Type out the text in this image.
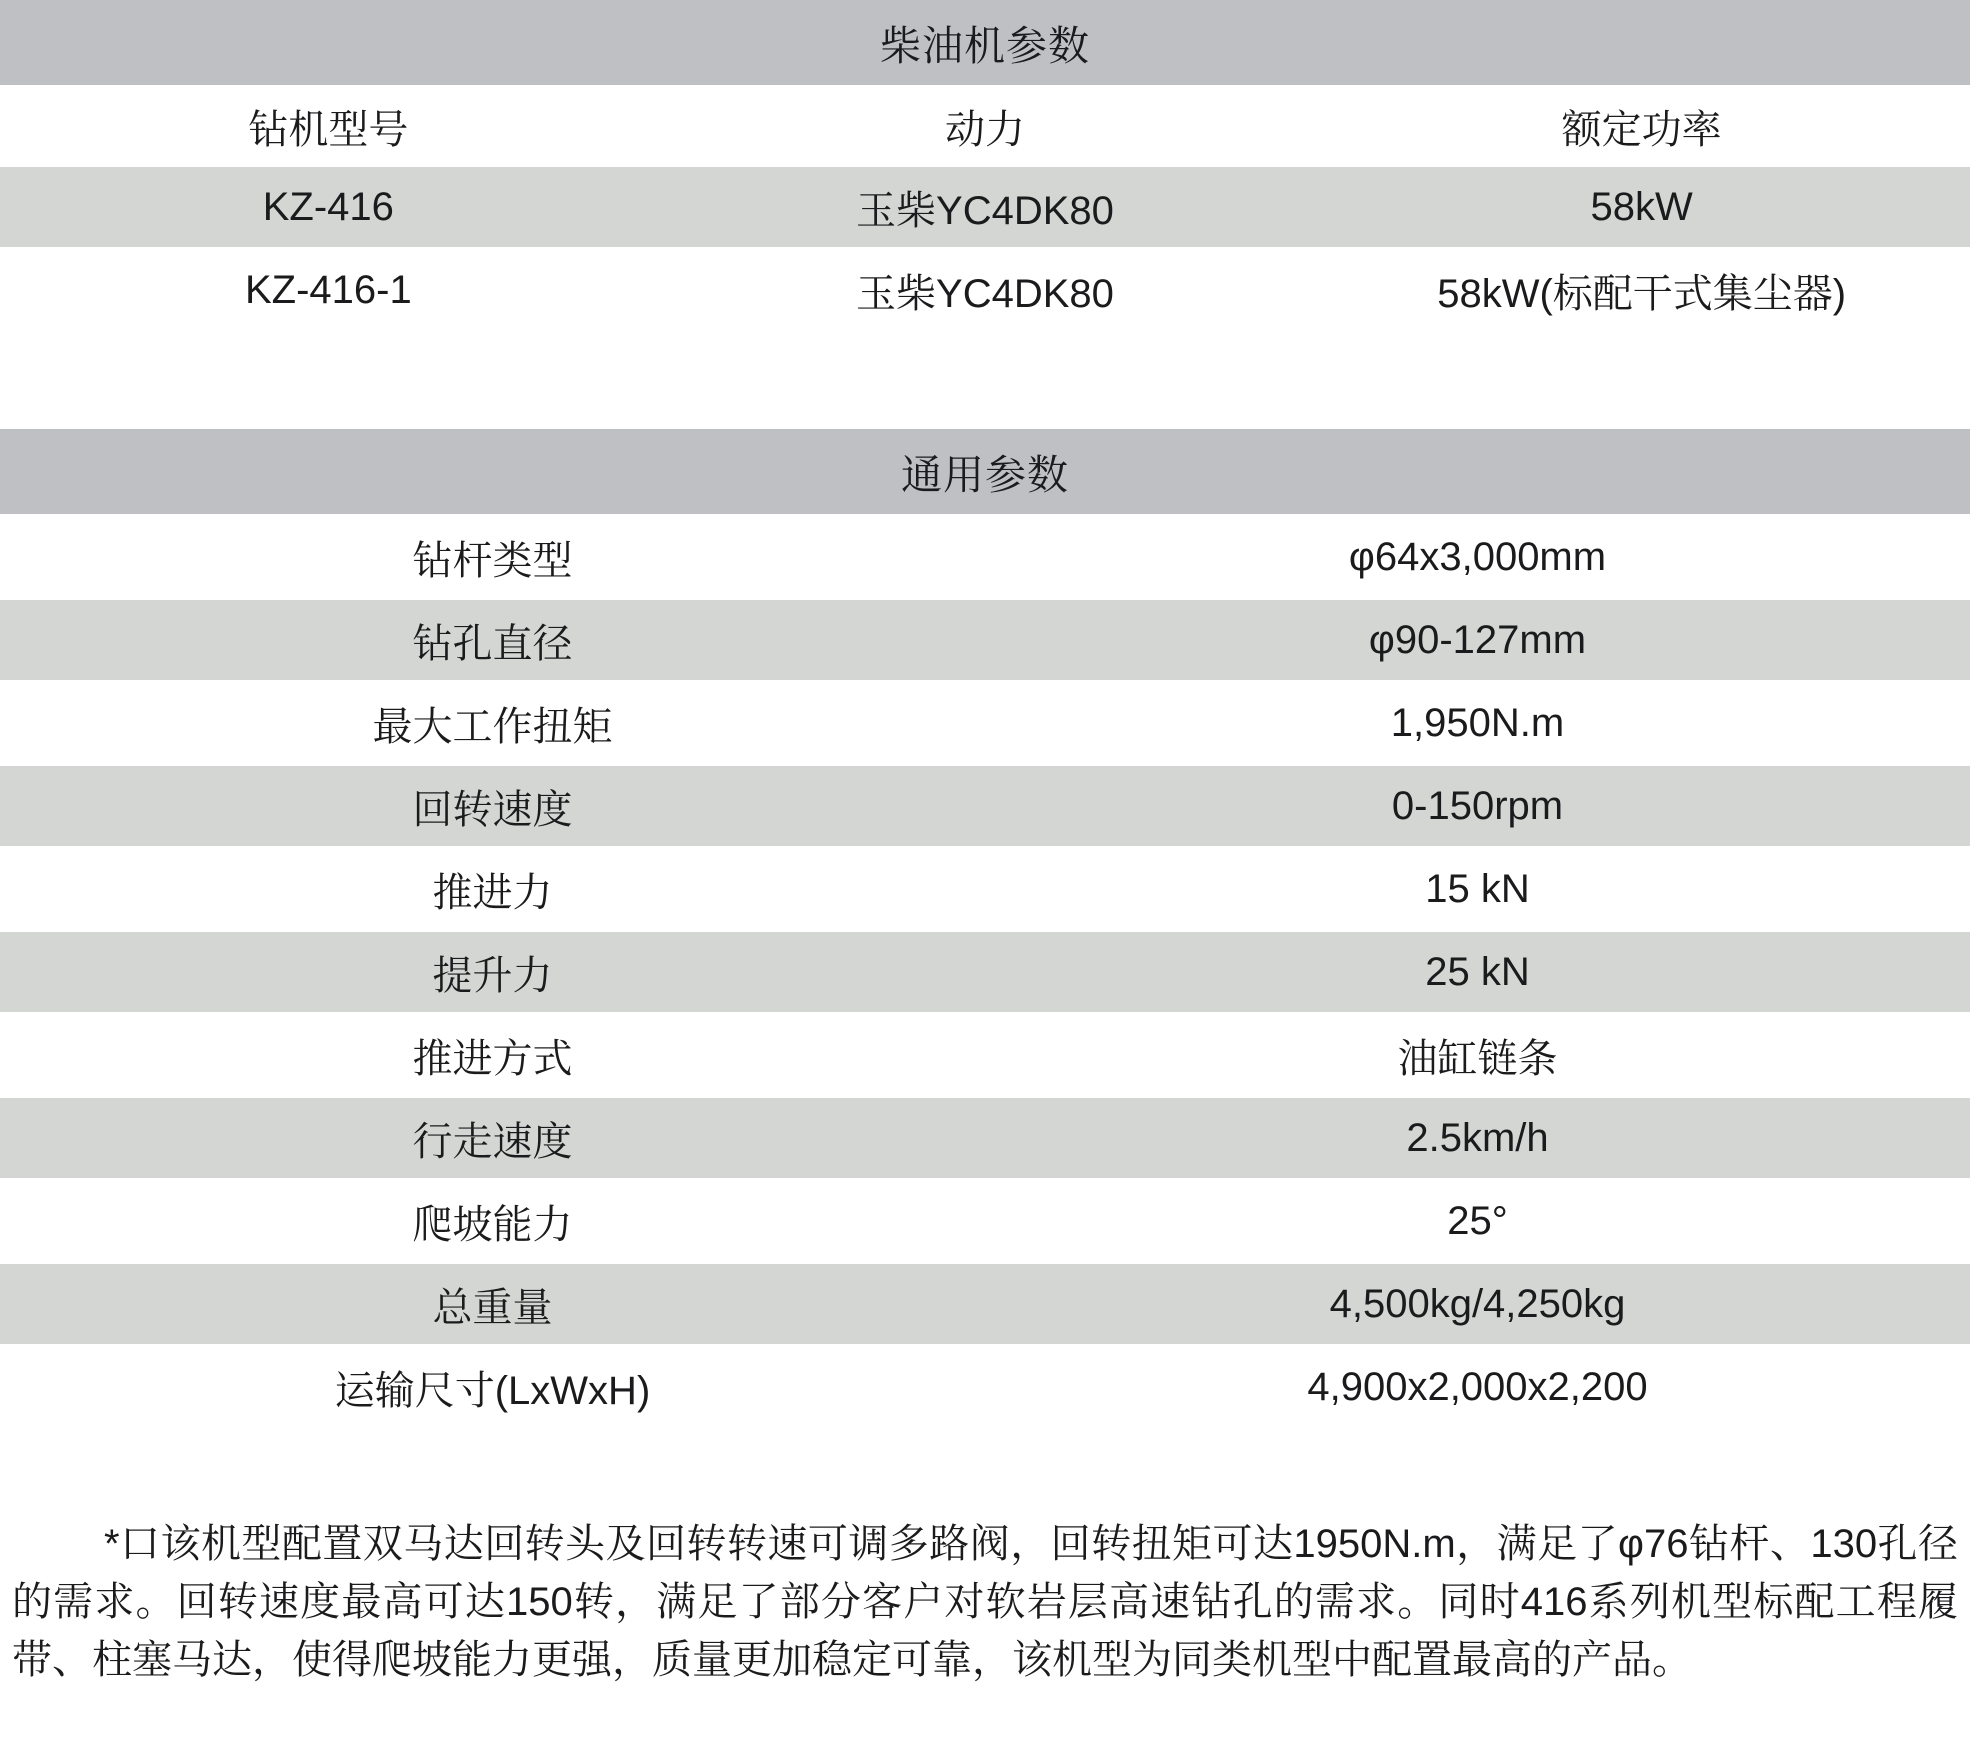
柴油机参数
钻机型号	动力	额定功率
KZ-416	玉柴YC4DK80	58kW
KZ-416-1	玉柴YC4DK80	58kW(标配干式集尘器)
通用参数
钻杆类型	φ64x3,000mm
钻孔直径	φ90-127mm
最大工作扭矩	1,950N.m
回转速度	0-150rpm
推进力	15 kN
提升力	25 kN
推进方式	油缸链条
行走速度	2.5km/h
爬坡能力	25°
总重量	4,500kg/4,250kg
运输尺寸(LxWxH)	4,900x2,000x2,200

*口该机型配置双马达回转头及回转转速可调多路阀，回转扭矩可达1950N.m，满足了φ76钻杆、130孔径的需求。回转速度最高可达150转，满足了部分客户对软岩层高速钻孔的需求。同时416系列机型标配工程履带、柱塞马达，使得爬坡能力更强，质量更加稳定可靠，该机型为同类机型中配置最高的产品。
